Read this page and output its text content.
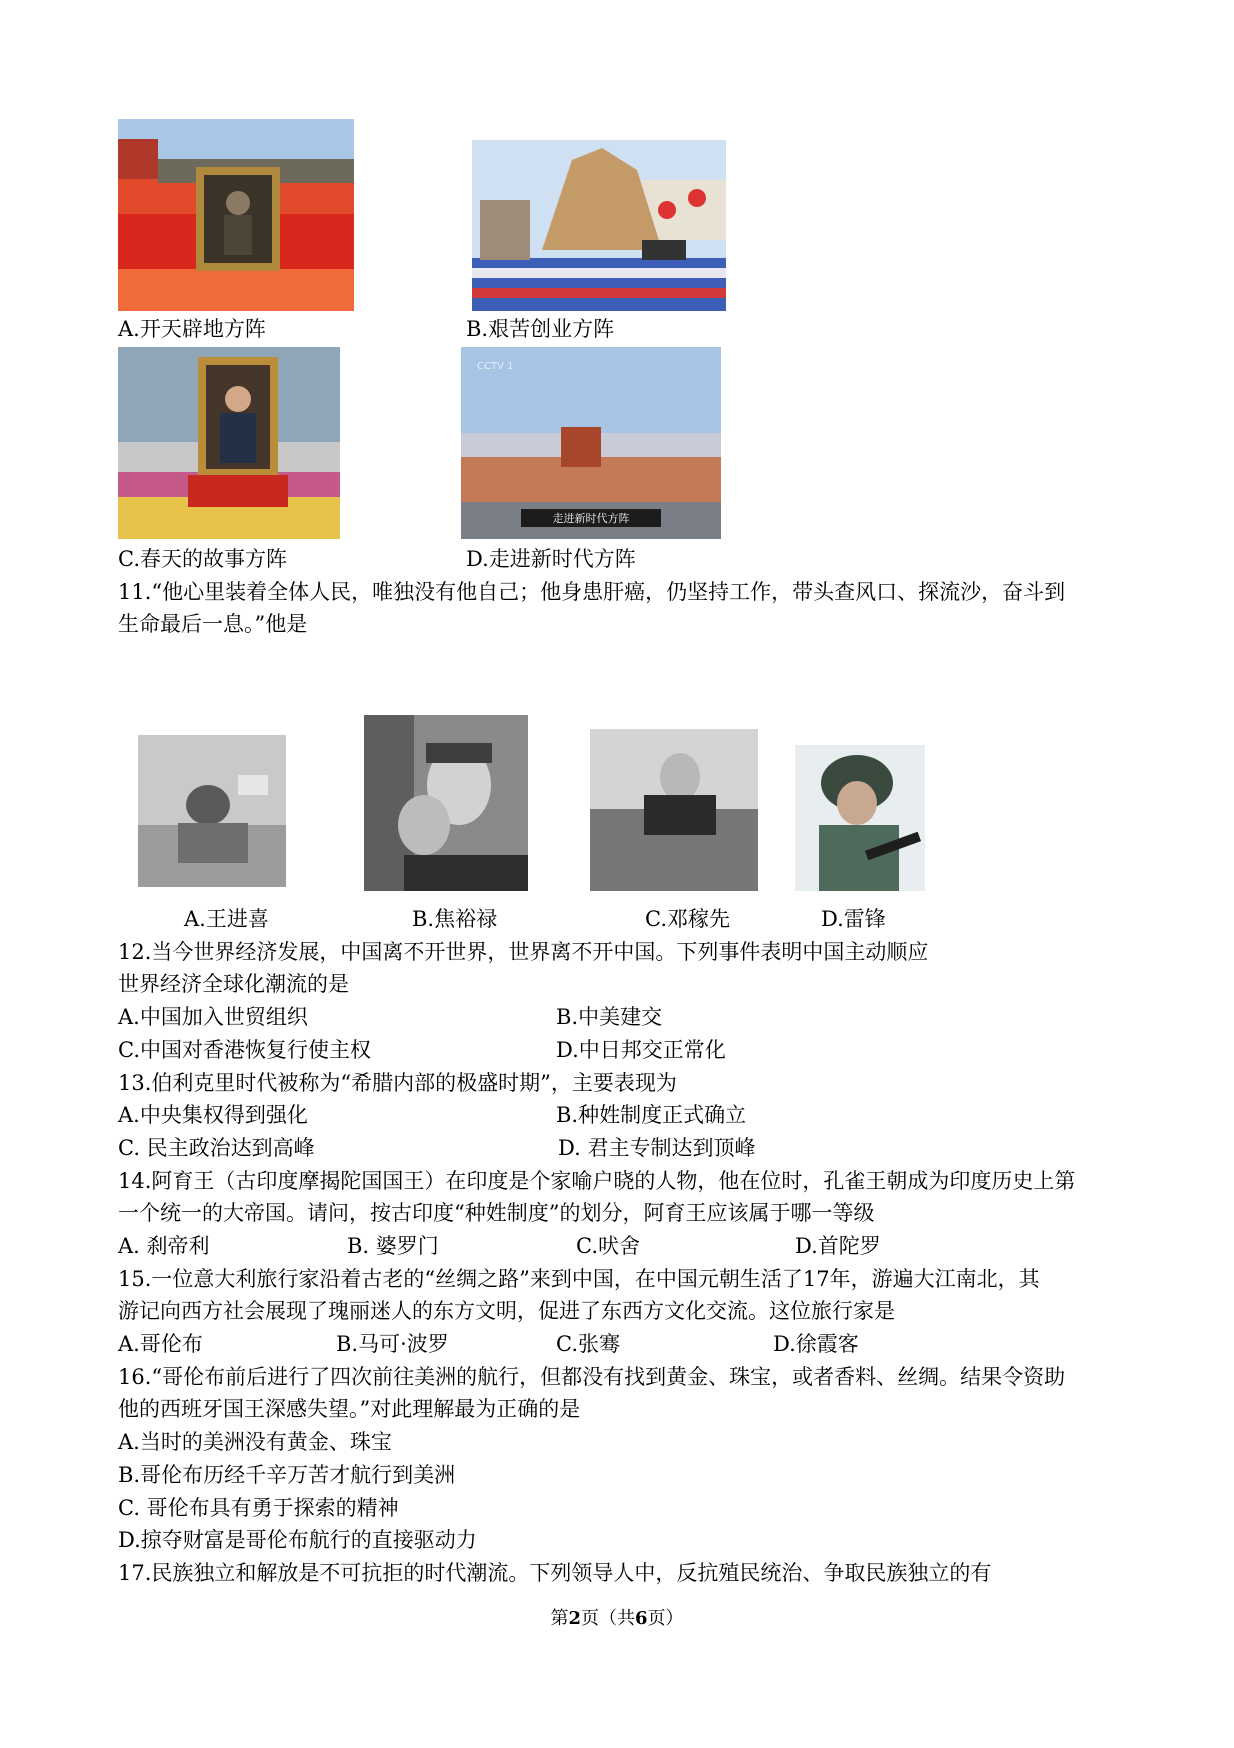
A.开天辟地方阵	B.艰苦创业方阵
走进新时代方阵
CCTV 1
C.春天的故事方阵	D.走进新时代方阵
11.“他心里装着全体人民，唯独没有他自己；他身患肝癌，仍坚持工作，带头查风口、探流沙，奋斗到
生命最后一息。”他是
A.王进喜	B.焦裕禄	C.邓稼先	D.雷锋
12.当今世界经济发展，中国离不开世界，世界离不开中国。下列事件表明中国主动顺应
世界经济全球化潮流的是
A.中国加入世贸组织	B.中美建交
C.中国对香港恢复行使主权	D.中日邦交正常化
13.伯利克里时代被称为“希腊内部的极盛时期”，主要表现为
A.中央集权得到强化	B.种姓制度正式确立
C. 民主政治达到高峰	D. 君主专制达到顶峰
14.阿育王（古印度摩揭陀国国王）在印度是个家喻户晓的人物，他在位时，孔雀王朝成为印度历史上第
一个统一的大帝国。请问，按古印度“种姓制度”的划分，阿育王应该属于哪一等级
A. 刹帝利	B. 婆罗门	C.吠舍	D.首陀罗
15.一位意大利旅行家沿着古老的“丝绸之路”来到中国，在中国元朝生活了17年，游遍大江南北，其
游记向西方社会展现了瑰丽迷人的东方文明，促进了东西方文化交流。这位旅行家是
A.哥伦布	B.马可·波罗	C.张骞	D.徐霞客
16.“哥伦布前后进行了四次前往美洲的航行，但都没有找到黄金、珠宝，或者香料、丝绸。结果令资助
他的西班牙国王深感失望。”对此理解最为正确的是
A.当时的美洲没有黄金、珠宝
B.哥伦布历经千辛万苦才航行到美洲
C. 哥伦布具有勇于探索的精神
D.掠夺财富是哥伦布航行的直接驱动力
17.民族独立和解放是不可抗拒的时代潮流。下列领导人中，反抗殖民统治、争取民族独立的有
第2页（共6页）
